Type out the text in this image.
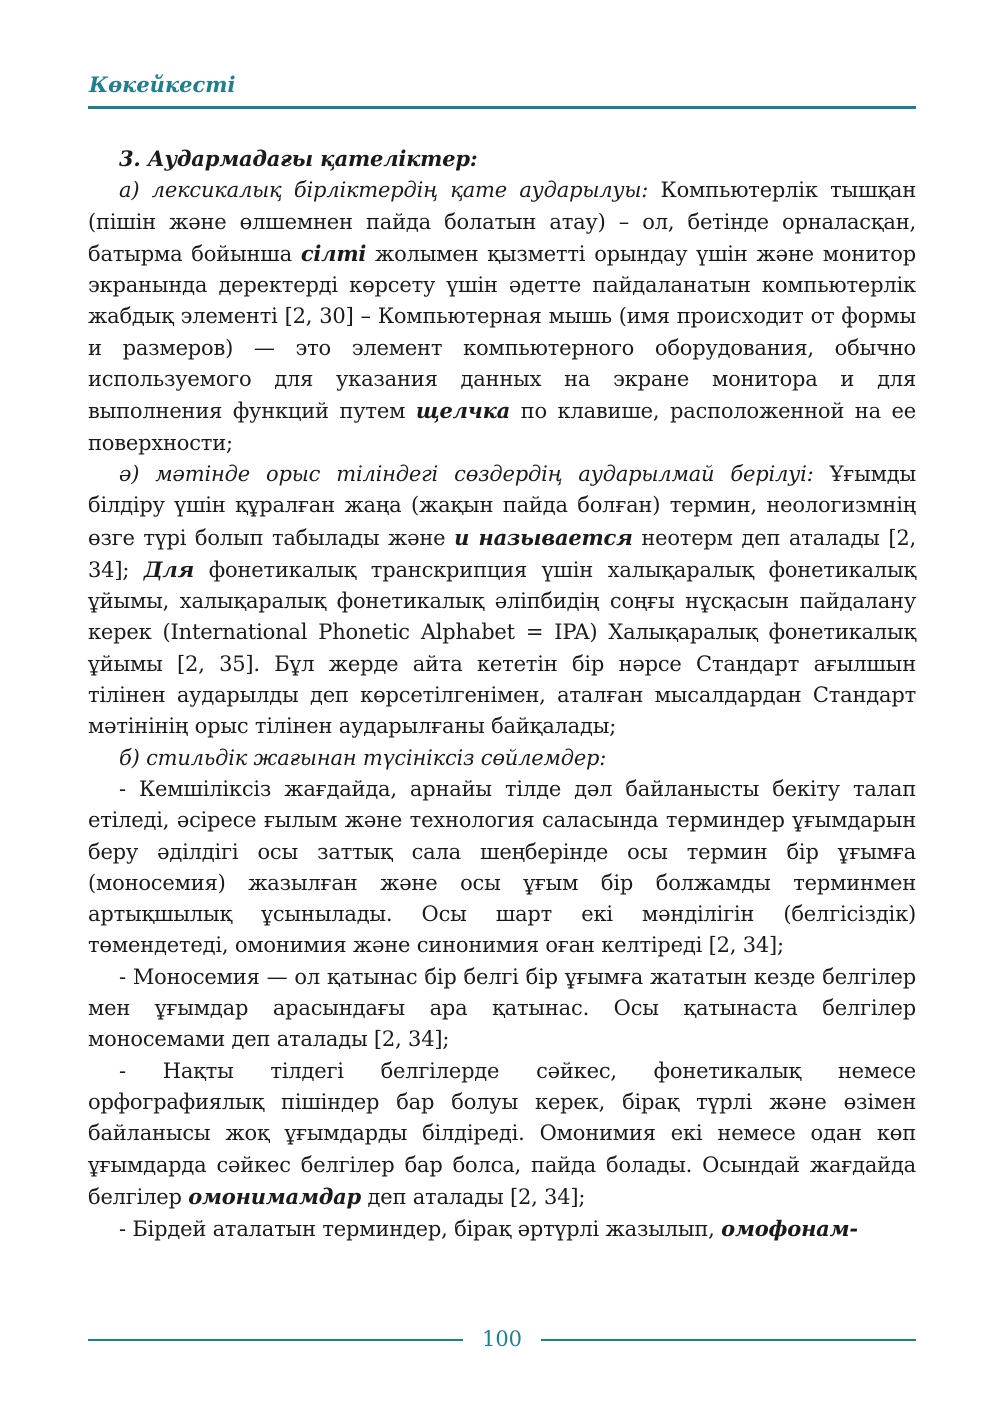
Көкейкесті

3. Аудармадағы қателіктер:

а) лексикалық бірліктердің қате аударылуы: Компьютерлік тышқан (пішін және өлшемнен пайда болатын атау) – ол, бетінде орналасқан, батырма бойынша сілті жолымен қызметті орындау үшін және монитор экранында деректерді көрсету үшін әдетте пайдаланатын компьютерлік жабдық элементі [2, 30] – Компьютерная мышь (имя происходит от формы и размеров) — это элемент компьютерного оборудования, обычно используемого для указания данных на экране монитора и для выполнения функций путем щелчка по клавише, расположенной на ее поверхности;

ә) мәтінде орыс тіліндегі сөздердің аударылмай берілуі: Ұғымды білдіру үшін құралған жаңа (жақын пайда болған) термин, неологизмнің өзге түрі болып табылады және и называется неотерм деп аталады [2, 34]; Для фонетикалық транскрипция үшін халықаралық фонетикалық ұйымы, халықаралық фонетикалық әліпбидің соңғы нұсқасын пайдалану керек (International Phonetic Alphabet = IPA) Халықаралық фонетикалық ұйымы [2, 35]. Бұл жерде айта кететін бір нәрсе Стандарт ағылшын тілінен аударылды деп көрсетілгенімен, аталған мысалдардан Стандарт мәтінінің орыс тілінен аударылғаны байқалады;

б) стильдік жағынан түсініксіз сөйлемдер:

- Кемшіліксіз жағдайда, арнайы тілде дәл байланысты бекіту талап етіледі, әсіресе ғылым және технология саласында терминдер ұғымдарын беру әділдігі осы заттық сала шеңберінде осы термин бір ұғымға (моносемия) жазылған және осы ұғым бір болжамды терминмен артықшылық ұсынылады. Осы шарт екі мәнділігін (белгісіздік) төмендетеді, омонимия және синонимия оған келтіреді [2, 34];

- Моносемия — ол қатынас бір белгі бір ұғымға жататын кезде белгілер мен ұғымдар арасындағы ара қатынас. Осы қатынаста белгілер моносемами деп аталады [2, 34];

- Нақты тілдегі белгілерде сәйкес, фонетикалық немесе орфографиялық пішіндер бар болуы керек, бірақ түрлі және өзімен байланысы жоқ ұғымдарды білдіреді. Омонимия екі немесе одан көп ұғымдарда сәйкес белгілер бар болса, пайда болады. Осындай жағдайда белгілер омонимамдар деп аталады [2, 34];

- Бірдей аталатын терминдер, бірақ әртүрлі жазылып, омофонам-

100
